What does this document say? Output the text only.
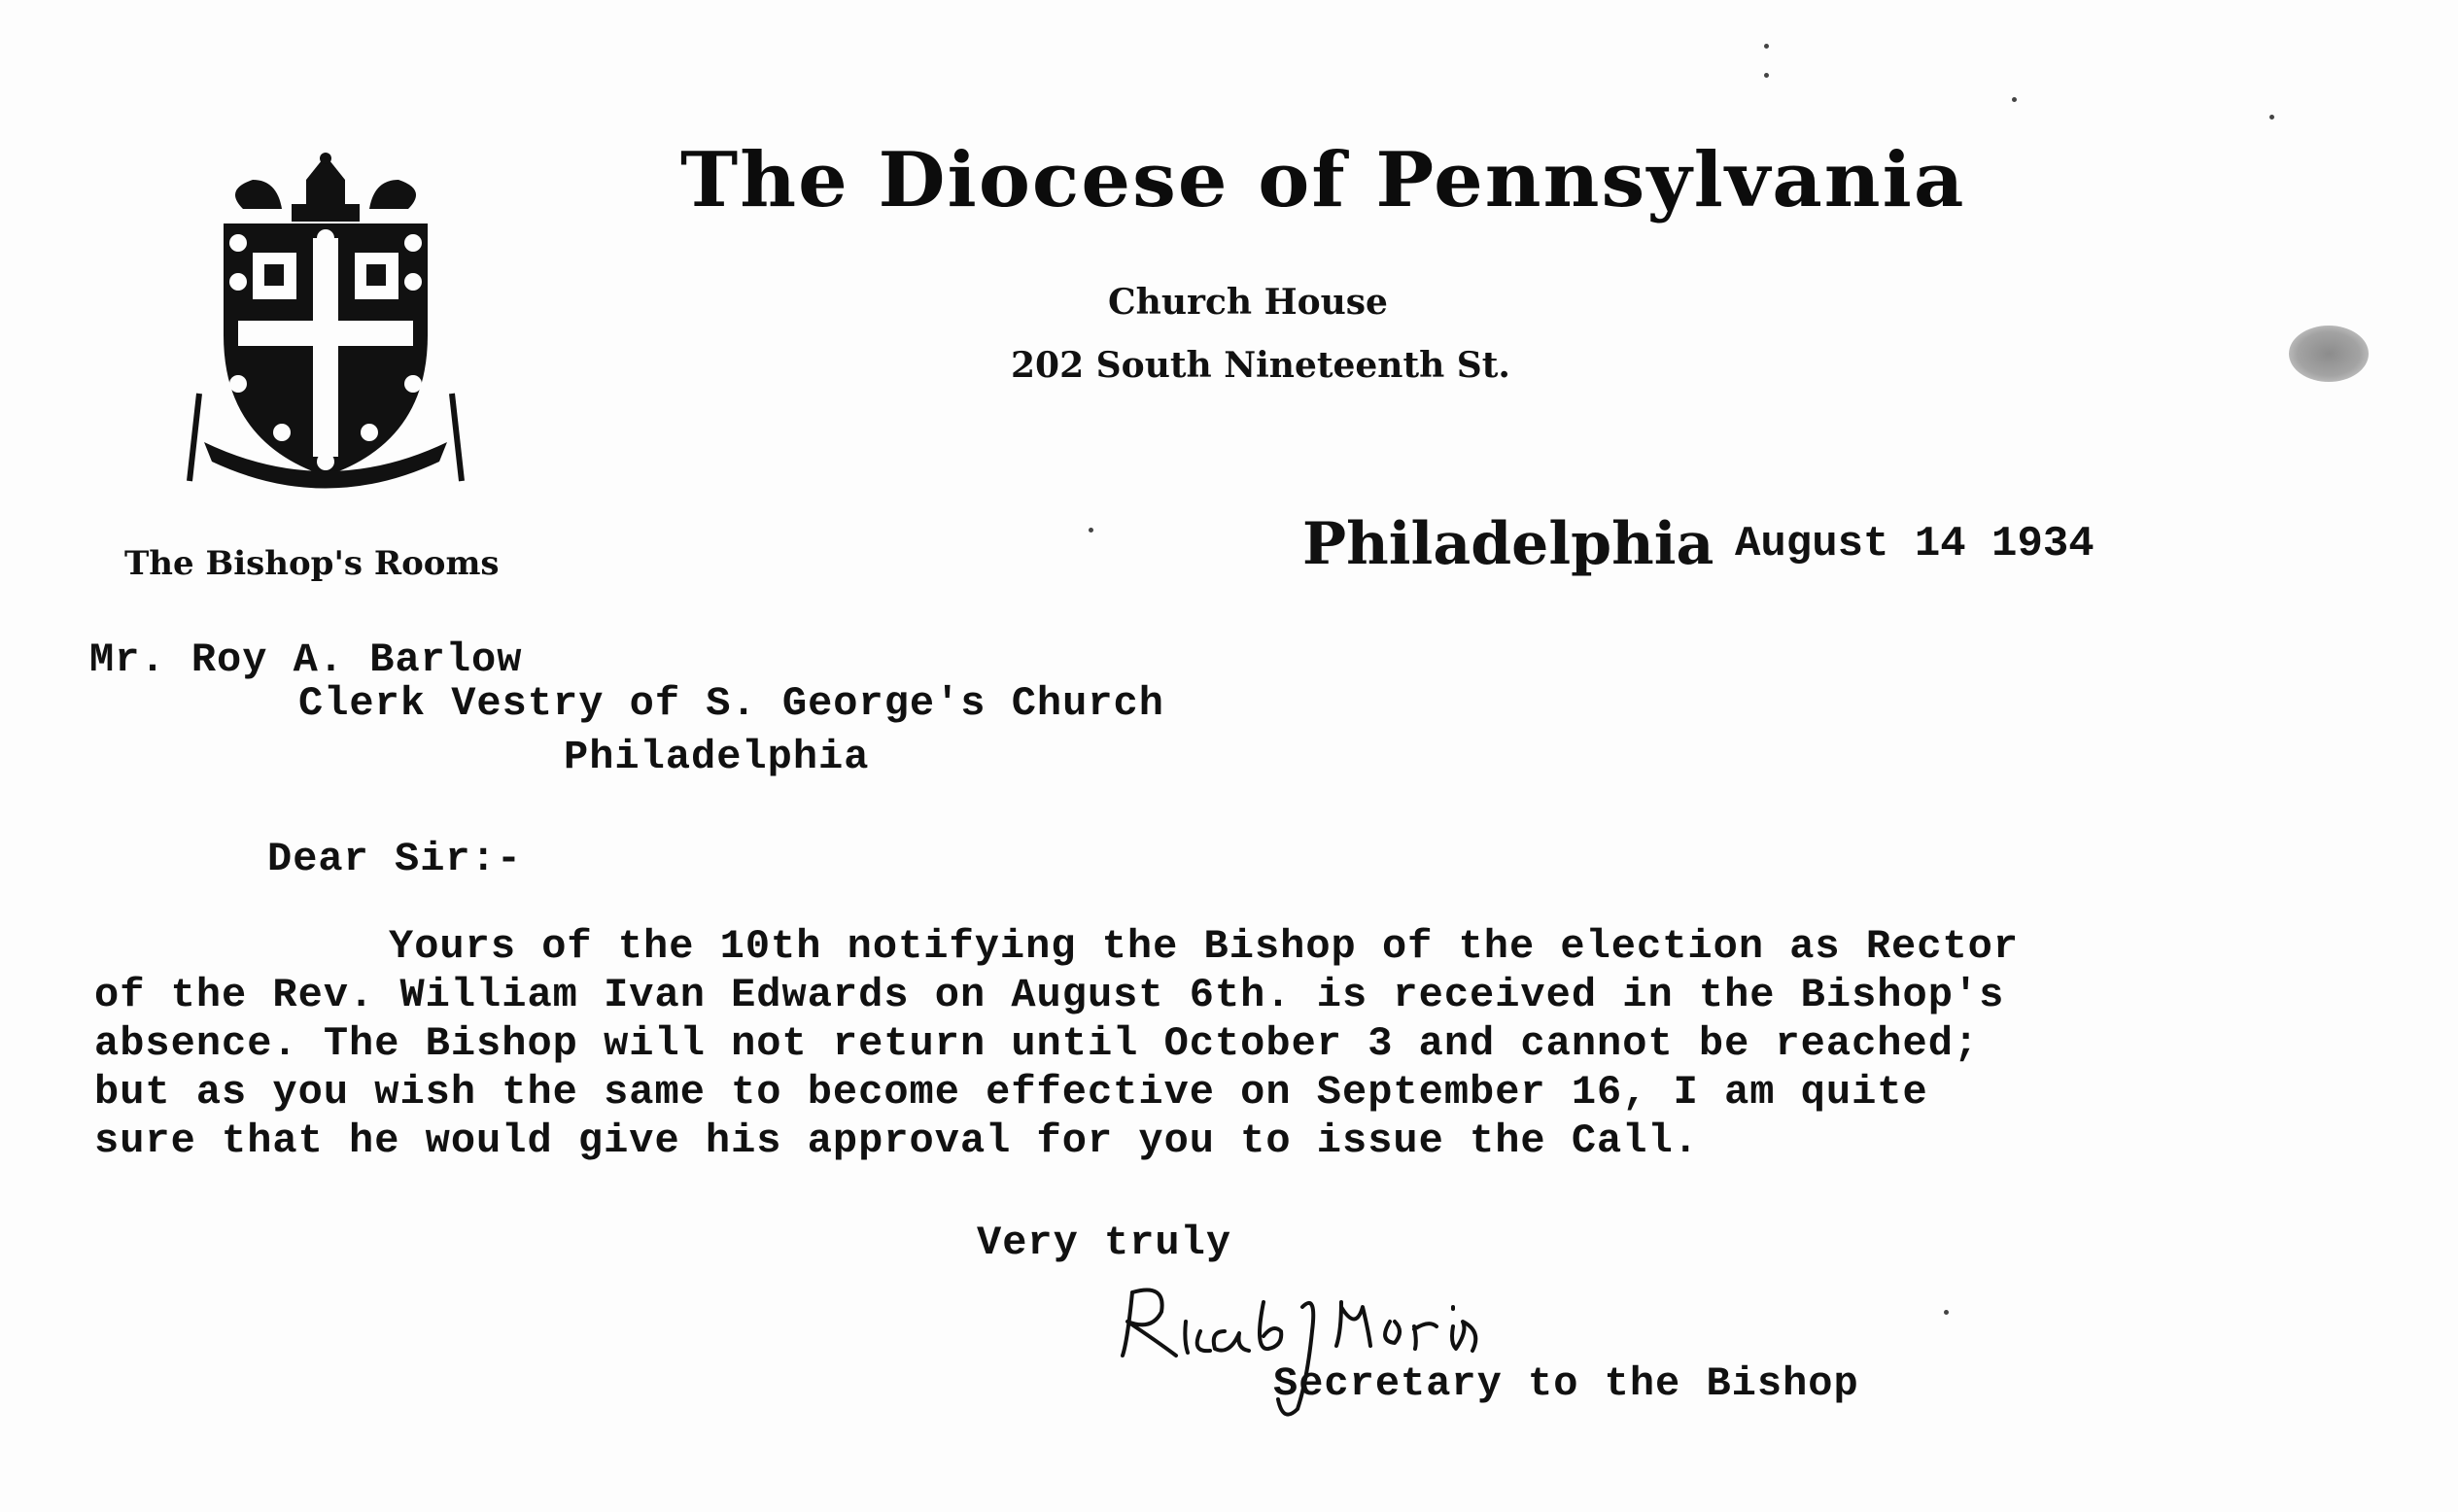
The Diocese of Pennsylvania
Church House
202 South Nineteenth St.
The Bishop's Rooms	Philadelphia August 14 1934
Mr. Roy A. Barlow
Clerk Vestry of S. George's Church
Philadelphia
Dear Sir:-
Yours of the 10th notifying the Bishop of the election as Rector
of the Rev. William Ivan Edwards on August 6th. is received in the Bishop's
absence. The Bishop will not return until October 3 and cannot be reached;
but as you wish the same to become effective on September 16, I am quite
sure that he would give his approval for you to issue the Call.
Very truly
Secretary to the Bishop
